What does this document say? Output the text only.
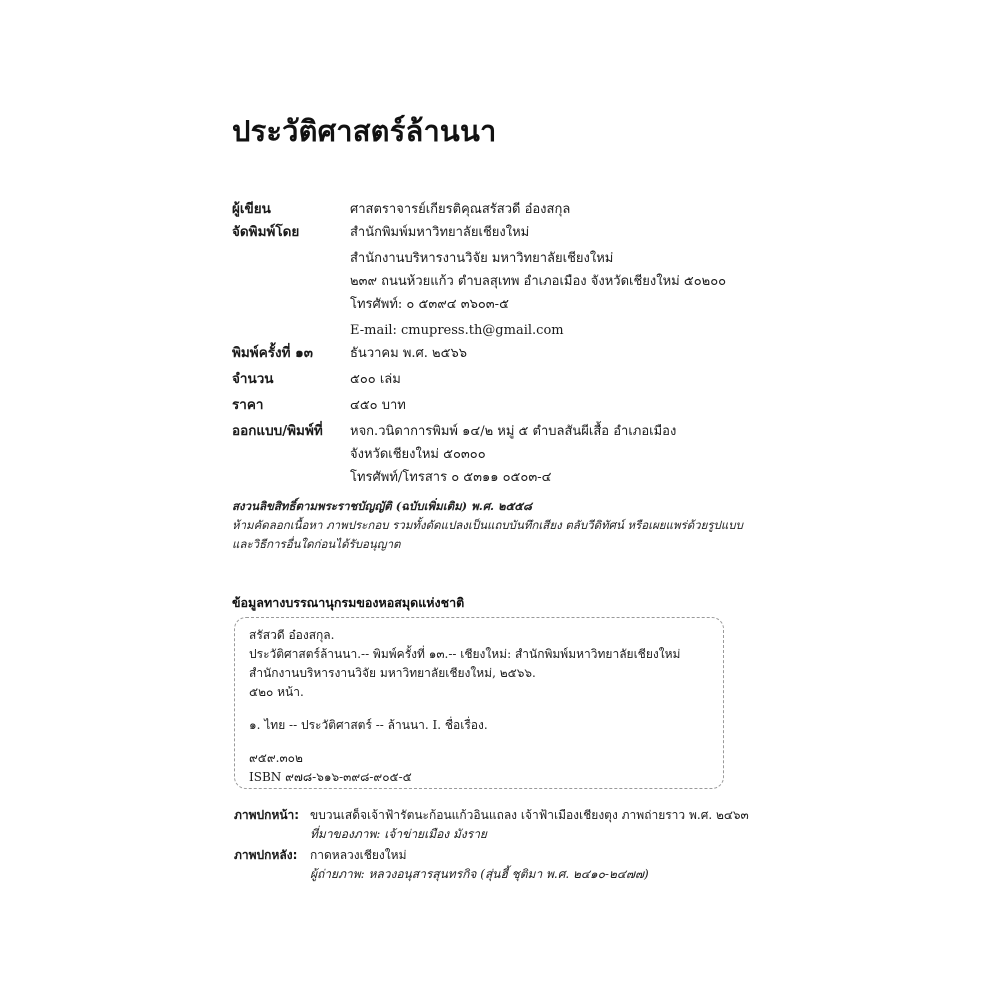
ประวัติศาสตร์ล้านนา
ผู้เขียน	ศาสตราจารย์เกียรติคุณสรัสวดี อ๋องสกุล
จัดพิมพ์โดย	สำนักพิมพ์มหาวิทยาลัยเชียงใหม่
สำนักงานบริหารงานวิจัย มหาวิทยาลัยเชียงใหม่
๒๓๙ ถนนห้วยแก้ว ตำบลสุเทพ อำเภอเมือง จังหวัดเชียงใหม่ ๕๐๒๐๐
โทรศัพท์: ๐ ๕๓๙๔ ๓๖๐๓-๕
E-mail: cmupress.th@gmail.com
พิมพ์ครั้งที่ ๑๓	ธันวาคม พ.ศ. ๒๕๖๖
จำนวน	๕๐๐ เล่ม
ราคา	๔๕๐ บาท
ออกแบบ/พิมพ์ที่	หจก.วนิดาการพิมพ์ ๑๔/๒ หมู่ ๕ ตำบลสันผีเสื้อ อำเภอเมือง
จังหวัดเชียงใหม่ ๕๐๓๐๐
โทรศัพท์/โทรสาร ๐ ๕๓๑๑ ๐๕๐๓-๔
สงวนลิขสิทธิ์ตามพระราชบัญญัติ (ฉบับเพิ่มเติม) พ.ศ. ๒๕๕๘
ห้ามคัดลอกเนื้อหา ภาพประกอบ รวมทั้งดัดแปลงเป็นแถบบันทึกเสียง ตลับวีดิทัศน์ หรือเผยแพร่ด้วยรูปแบบ
และวิธีการอื่นใดก่อนได้รับอนุญาต
ข้อมูลทางบรรณานุกรมของหอสมุดแห่งชาติ
สรัสวดี อ๋องสกุล.
ประวัติศาสตร์ล้านนา.-- พิมพ์ครั้งที่ ๑๓.-- เชียงใหม่: สำนักพิมพ์มหาวิทยาลัยเชียงใหม่
สำนักงานบริหารงานวิจัย มหาวิทยาลัยเชียงใหม่, ๒๕๖๖.
๕๒๐ หน้า.
๑. ไทย -- ประวัติศาสตร์ -- ล้านนา. I. ชื่อเรื่อง.
๙๕๙.๓๐๒
ISBN ๙๗๘-๖๑๖-๓๙๘-๙๐๕-๕
ภาพปกหน้า: ขบวนเสด็จเจ้าฟ้ารัตนะก้อนแก้วอินแถลง เจ้าฟ้าเมืองเชียงตุง ภาพถ่ายราว พ.ศ. ๒๔๖๓
ที่มาของภาพ: เจ้าข่ายเมือง มังราย
ภาพปกหลัง:	กาดหลวงเชียงใหม่
ผู้ถ่ายภาพ: หลวงอนุสารสุนทรกิจ (สุ่นฮี้ ชุติมา พ.ศ. ๒๔๑๐-๒๔๗๗)
